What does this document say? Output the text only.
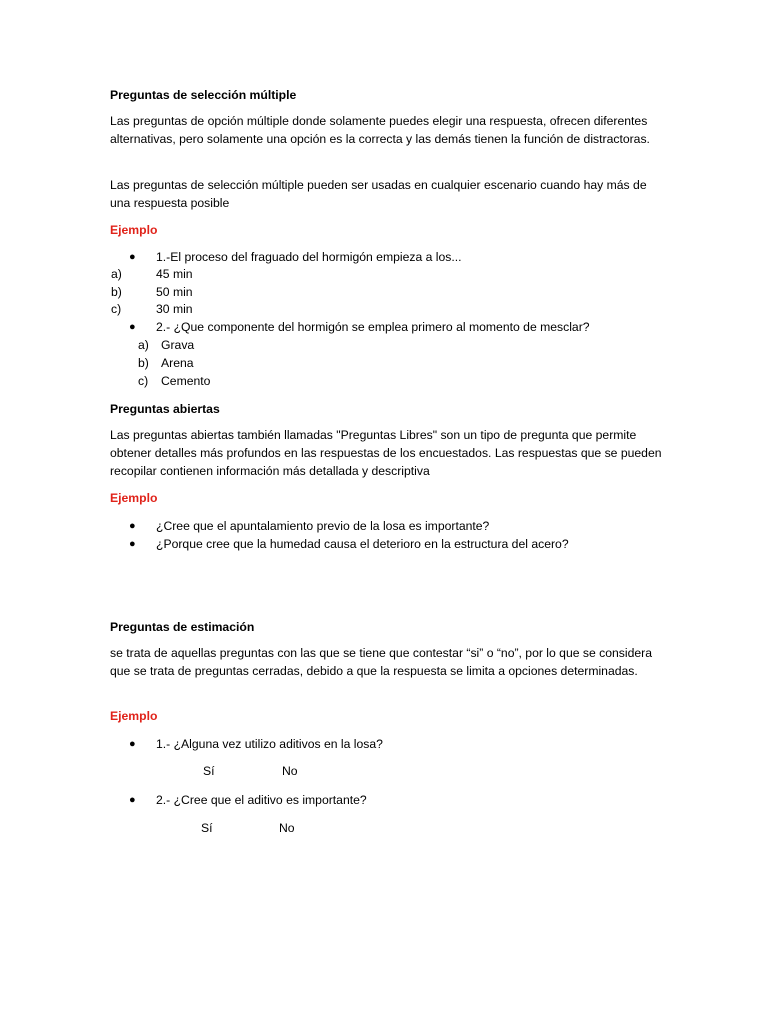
Preguntas de selección múltiple

Las preguntas de opción múltiple donde solamente puedes elegir una respuesta, ofrecen diferentes alternativas, pero solamente una opción es la correcta y las demás tienen la función de distractoras.

Las preguntas de selección múltiple pueden ser usadas en cualquier escenario cuando hay más de una respuesta posible

Ejemplo

● 1.-El proceso del fraguado del hormigón empieza a los...
a)	45 min
b)	50 min
c)	30 min
● 2.- ¿Que componente del hormigón se emplea primero al momento de mesclar?
a) Grava
b) Arena
c) Cemento

Preguntas abiertas

Las preguntas abiertas también llamadas "Preguntas Libres" son un tipo de pregunta que permite obtener detalles más profundos en las respuestas de los encuestados. Las respuestas que se pueden recopilar contienen información más detallada y descriptiva

Ejemplo

● ¿Cree que el apuntalamiento previo de la losa es importante?
● ¿Porque cree que la humedad causa el deterioro en la estructura del acero?

Preguntas de estimación

se trata de aquellas preguntas con las que se tiene que contestar “si” o “no”, por lo que se considera que se trata de preguntas cerradas, debido a que la respuesta se limita a opciones determinadas.

Ejemplo

● 1.- ¿Alguna vez utilizo aditivos en la losa?
Sí	No
● 2.- ¿Cree que el aditivo es importante?
Sí	No
